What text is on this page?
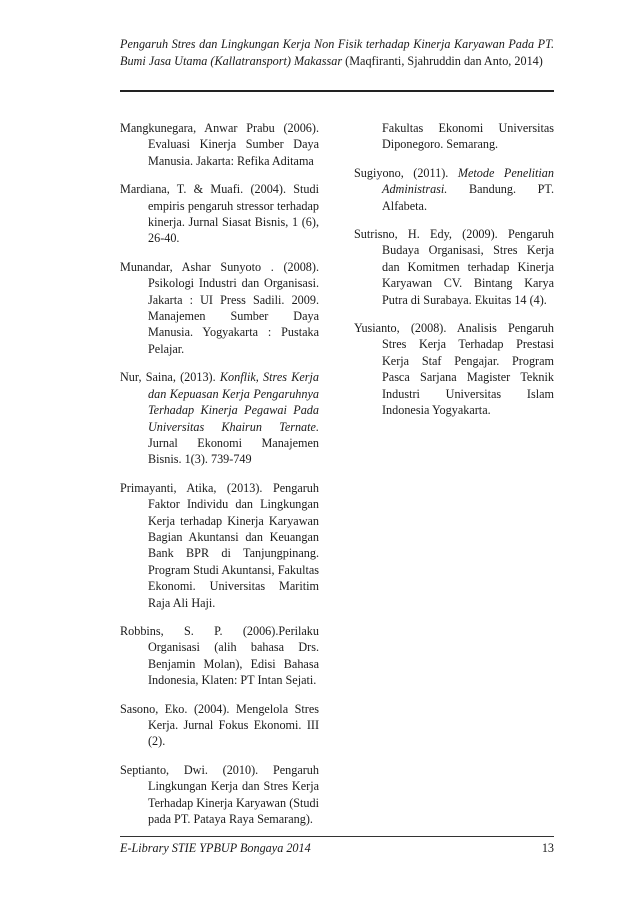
Pengaruh Stres dan Lingkungan Kerja Non Fisik terhadap Kinerja Karyawan Pada PT. Bumi Jasa Utama (Kallatransport) Makassar (Maqfiranti, Sjahruddin dan Anto, 2014)

Mangkunegara, Anwar Prabu (2006). Evaluasi Kinerja Sumber Daya Manusia. Jakarta: Refika Aditama

Mardiana, T. & Muafi. (2004). Studi empiris pengaruh stressor terhadap kinerja. Jurnal Siasat Bisnis, 1 (6), 26-40.

Munandar, Ashar Sunyoto . (2008). Psikologi Industri dan Organisasi. Jakarta : UI Press Sadili. 2009. Manajemen Sumber Daya Manusia. Yogyakarta : Pustaka Pelajar.

Nur, Saina, (2013). Konflik, Stres Kerja dan Kepuasan Kerja Pengaruhnya Terhadap Kinerja Pegawai Pada Universitas Khairun Ternate. Jurnal Ekonomi Manajemen Bisnis. 1(3). 739-749

Primayanti, Atika, (2013). Pengaruh Faktor Individu dan Lingkungan Kerja terhadap Kinerja Karyawan Bagian Akuntansi dan Keuangan Bank BPR di Tanjungpinang. Program Studi Akuntansi, Fakultas Ekonomi. Universitas Maritim Raja Ali Haji.

Robbins, S. P. (2006).Perilaku Organisasi (alih bahasa Drs. Benjamin Molan), Edisi Bahasa Indonesia, Klaten: PT Intan Sejati.

Sasono, Eko. (2004). Mengelola Stres Kerja. Jurnal Fokus Ekonomi. III (2).

Septianto, Dwi. (2010). Pengaruh Lingkungan Kerja dan Stres Kerja Terhadap Kinerja Karyawan (Studi pada PT. Pataya Raya Semarang).

Fakultas Ekonomi Universitas Diponegoro. Semarang.

Sugiyono, (2011). Metode Penelitian Administrasi. Bandung. PT. Alfabeta.

Sutrisno, H. Edy, (2009). Pengaruh Budaya Organisasi, Stres Kerja dan Komitmen terhadap Kinerja Karyawan CV. Bintang Karya Putra di Surabaya. Ekuitas 14 (4).

Yusianto, (2008). Analisis Pengaruh Stres Kerja Terhadap Prestasi Kerja Staf Pengajar. Program Pasca Sarjana Magister Teknik Industri Universitas Islam Indonesia Yogyakarta.

E-Library STIE YPBUP Bongaya 2014	13
